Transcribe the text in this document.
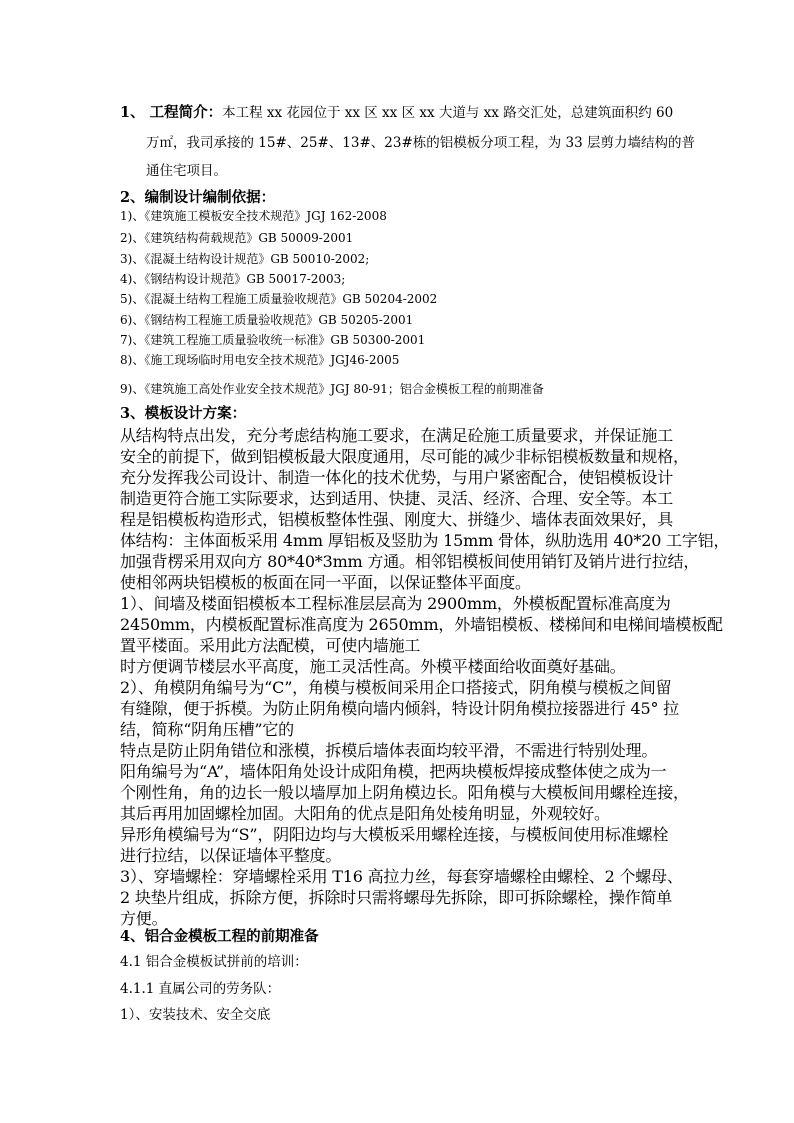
1、 工程简介：本工程 xx 花园位于 xx 区 xx 区 xx 大道与 xx 路交汇处，总建筑面积约 60
万㎡，我司承接的 15#、25#、13#、23#栋的铝模板分项工程，为 33 层剪力墙结构的普
通住宅项目。
2、编制设计编制依据：
1)、《建筑施工模板安全技术规范》JGJ 162-2008
2)、《建筑结构荷载规范》GB 50009-2001
3)、《混凝土结构设计规范》GB 50010-2002;
4)、《钢结构设计规范》GB 50017-2003;
5)、《混凝土结构工程施工质量验收规范》GB 50204-2002
6)、《钢结构工程施工质量验收规范》GB 50205-2001
7)、《建筑工程施工质量验收统一标准》GB 50300-2001
8)、《施工现场临时用电安全技术规范》JGJ46-2005
9)、《建筑施工高处作业安全技术规范》JGJ 80-91；铝合金模板工程的前期准备
3、模板设计方案：
从结构特点出发，充分考虑结构施工要求，在满足砼施工质量要求，并保证施工
安全的前提下，做到铝模板最大限度通用，尽可能的减少非标铝模板数量和规格，
充分发挥我公司设计、制造一体化的技术优势，与用户紧密配合，使铝模板设计
制造更符合施工实际要求，达到适用、快捷、灵活、经济、合理、安全等。本工
程是铝模板构造形式，铝模板整体性强、刚度大、拼缝少、墙体表面效果好，具
体结构：主体面板采用 4mm 厚铝板及竖肋为 15mm 骨体，纵肋选用 40*20 工字铝，
加强背楞采用双向方 80*40*3mm 方通。相邻铝模板间使用销钉及销片进行拉结，
使相邻两块铝模板的板面在同一平面，以保证整体平面度。
1）、间墙及楼面铝模板本工程标准层层高为 2900mm，外模板配置标准高度为
2450mm，内模板配置标准高度为 2650mm，外墙铝模板、楼梯间和电梯间墙模板配
置平楼面。采用此方法配模，可使内墙施工
时方便调节楼层水平高度，施工灵活性高。外模平楼面给收面奠好基础。
2）、角模阴角编号为“C”，角模与模板间采用企口搭接式，阴角模与模板之间留
有缝隙，便于拆模。为防止阴角模向墙内倾斜，特设计阴角模拉接器进行 45° 拉
结，简称“阴角压槽”它的
特点是防止阴角错位和涨模，拆模后墙体表面均较平滑，不需进行特别处理。
阳角编号为“A”，墙体阳角处设计成阳角模，把两块模板焊接成整体使之成为一
个刚性角，角的边长一般以墙厚加上阴角模边长。阳角模与大模板间用螺栓连接，
其后再用加固螺栓加固。大阳角的优点是阳角处棱角明显，外观较好。
异形角模编号为“S”，阴阳边均与大模板采用螺栓连接，与模板间使用标准螺栓
进行拉结，以保证墙体平整度。
3）、穿墙螺栓：穿墙螺栓采用 T16 高拉力丝，每套穿墙螺栓由螺栓、2 个螺母、
2 块垫片组成，拆除方便，拆除时只需将螺母先拆除，即可拆除螺栓，操作简单
方便。
4、铝合金模板工程的前期准备
4.1 铝合金模板试拼前的培训：
4.1.1 直属公司的劳务队：
1）、安装技术、安全交底
